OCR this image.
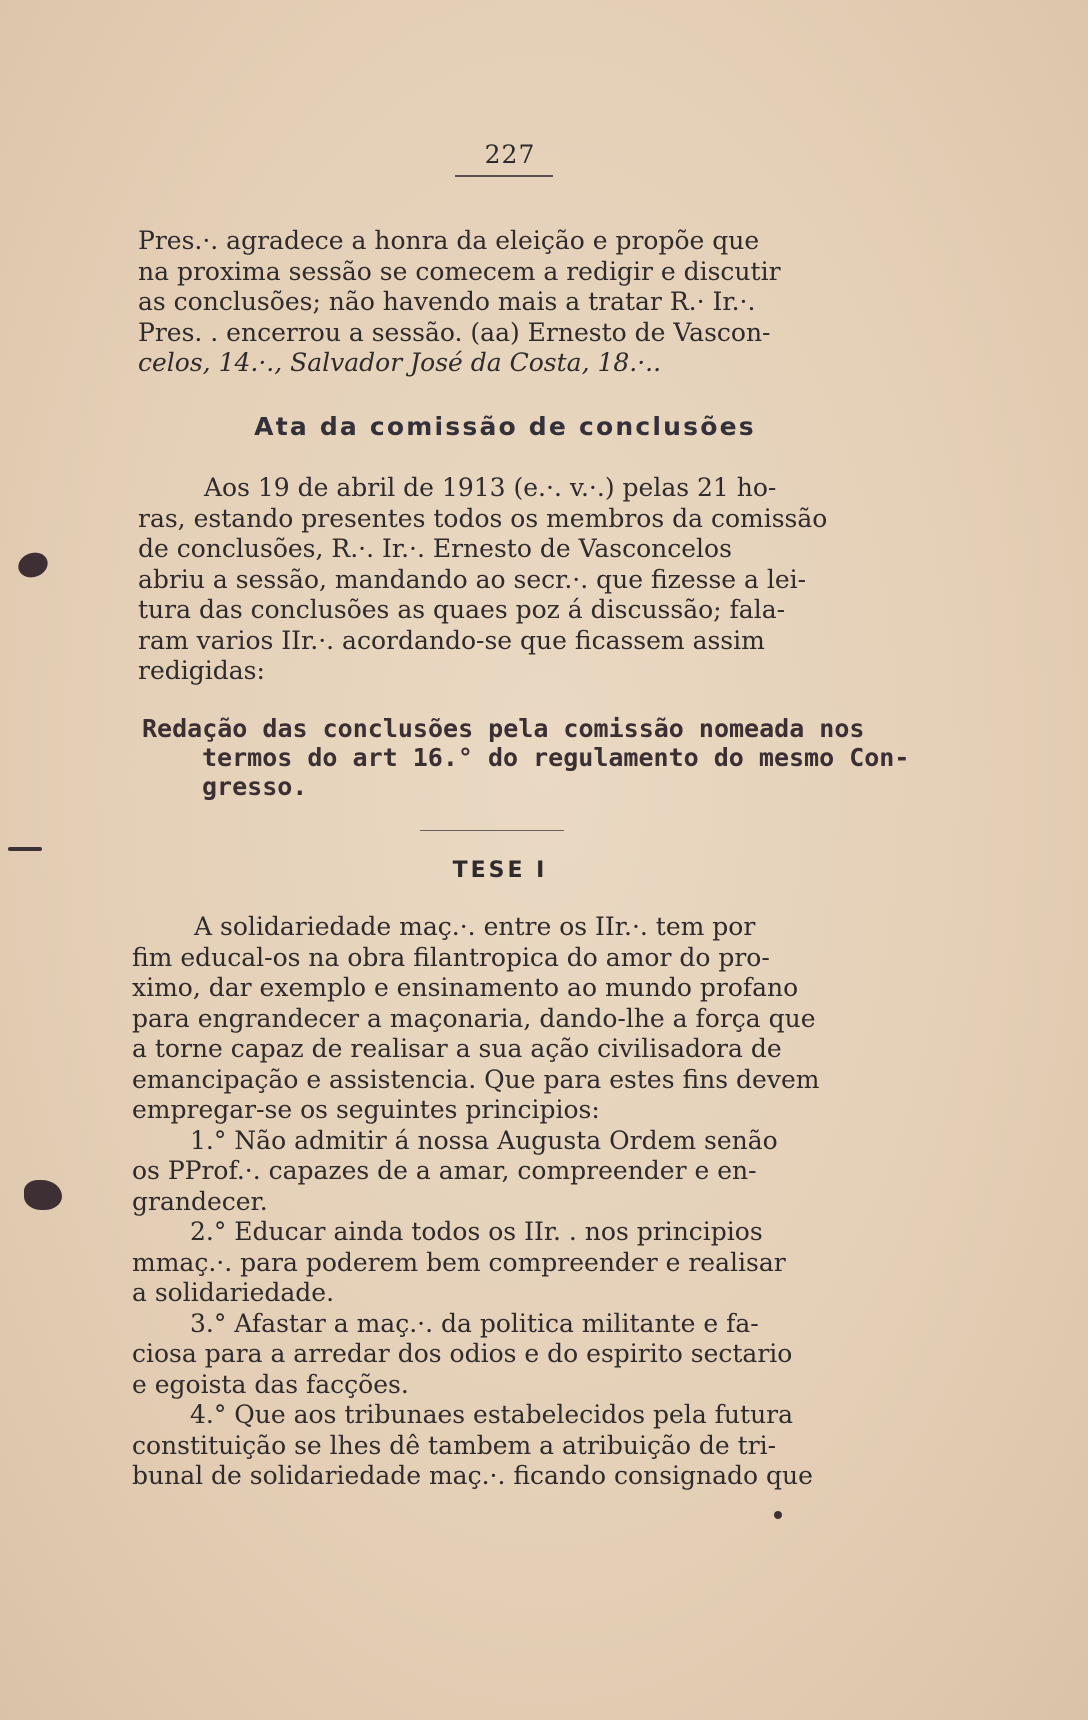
227
Pres.·. agradece a honra da eleição e propõe que
na proxima sessão se comecem a redigir e discutir
as conclusões; não havendo mais a tratar R.· Ir.·.
Pres. . encerrou a sessão. (aa) Ernesto de Vascon-
celos, 14.·., Salvador José da Costa, 18.·..
Ata da comissão de conclusões
Aos 19 de abril de 1913 (e.·. v.·.) pelas 21 ho-
ras, estando presentes todos os membros da comissão
de conclusões, R.·. Ir.·. Ernesto de Vasconcelos
abriu a sessão, mandando ao secr.·. que fizesse a lei-
tura das conclusões as quaes poz á discussão; fala-
ram varios IIr.·. acordando-se que ficassem assim
redigidas:
Redação das conclusões pela comissão nomeada nos
termos do art 16.° do regulamento do mesmo Con-
gresso.
TESE I
A solidariedade maç.·. entre os IIr.·. tem por
fim educal-os na obra filantropica do amor do pro-
ximo, dar exemplo e ensinamento ao mundo profano
para engrandecer a maçonaria, dando-lhe a força que
a torne capaz de realisar a sua ação civilisadora de
emancipação e assistencia. Que para estes fins devem
empregar-se os seguintes principios:
1.° Não admitir á nossa Augusta Ordem senão
os PProf.·. capazes de a amar, compreender e en-
grandecer.
2.° Educar ainda todos os IIr. . nos principios
mmaç.·. para poderem bem compreender e realisar
a solidariedade.
3.° Afastar a maç.·. da politica militante e fa-
ciosa para a arredar dos odios e do espirito sectario
e egoista das facções.
4.° Que aos tribunaes estabelecidos pela futura
constituição se lhes dê tambem a atribuição de tri-
bunal de solidariedade maç.·. ficando consignado que
